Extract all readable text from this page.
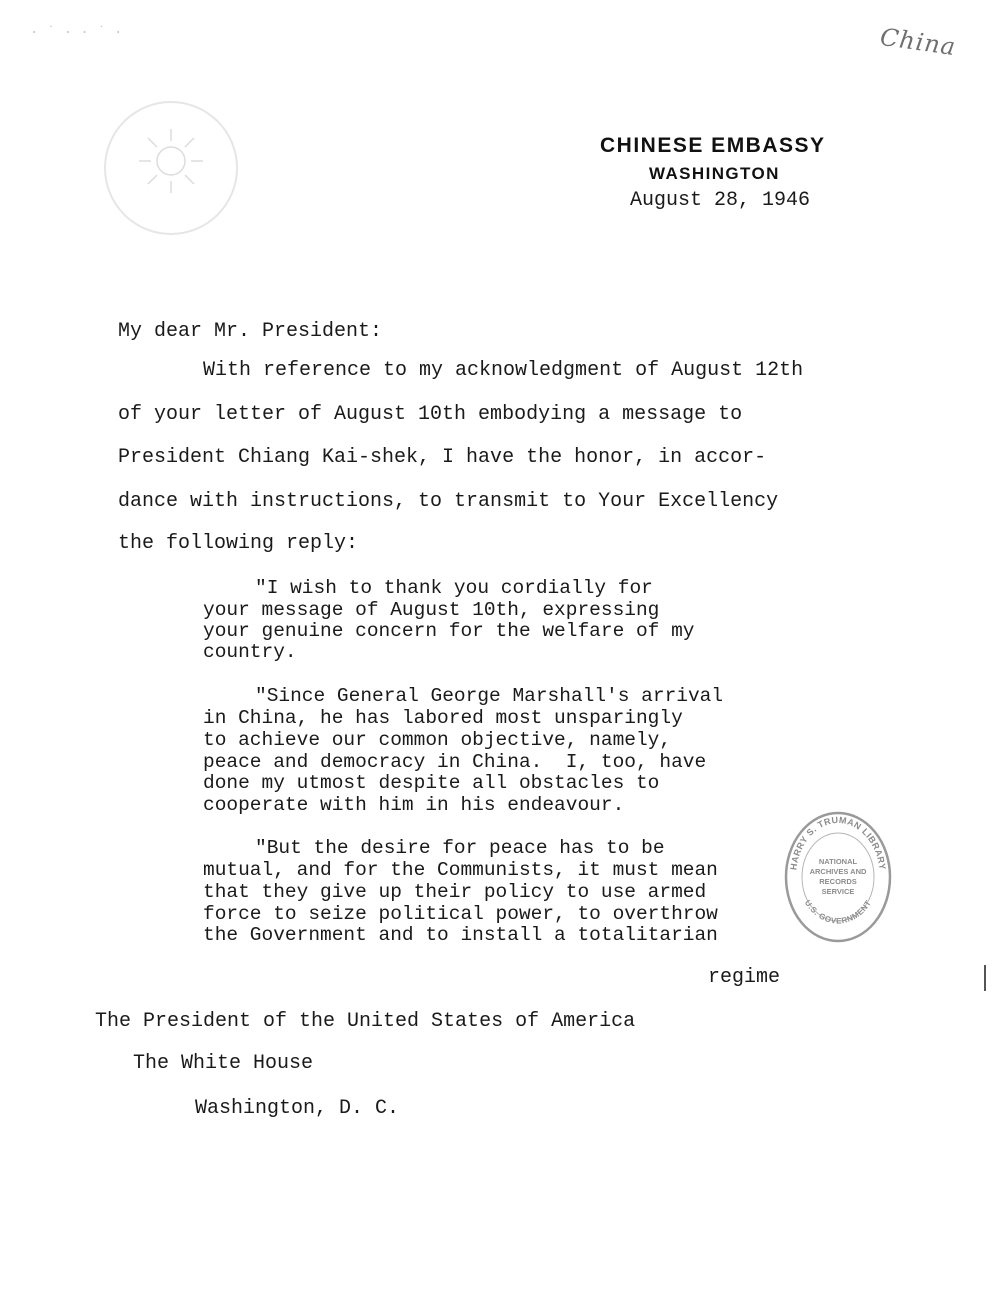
· ˙ · · ˙ ·	China
CHINESE EMBASSY
WASHINGTON
August 28, 1946
My dear Mr. President:
With reference to my acknowledgment of August 12th
of your letter of August 10th embodying a message to
President Chiang Kai-shek, I have the honor, in accor-
dance with instructions, to transmit to Your Excellency
the following reply:
"I wish to thank you cordially for
your message of August 10th, expressing
your genuine concern for the welfare of my
country.
"Since General George Marshall's arrival
in China, he has labored most unsparingly
to achieve our common objective, namely,
peace and democracy in China.  I, too, have
done my utmost despite all obstacles to
cooperate with him in his endeavour.
"But the desire for peace has to be
mutual, and for the Communists, it must mean
that they give up their policy to use armed
force to seize political power, to overthrow
the Government and to install a totalitarian
regime
The President of the United States of America
The White House
Washington, D. C.
HARRY S. TRUMAN LIBRARY
U.S. GOVERNMENT
NATIONAL
ARCHIVES AND
RECORDS
SERVICE
